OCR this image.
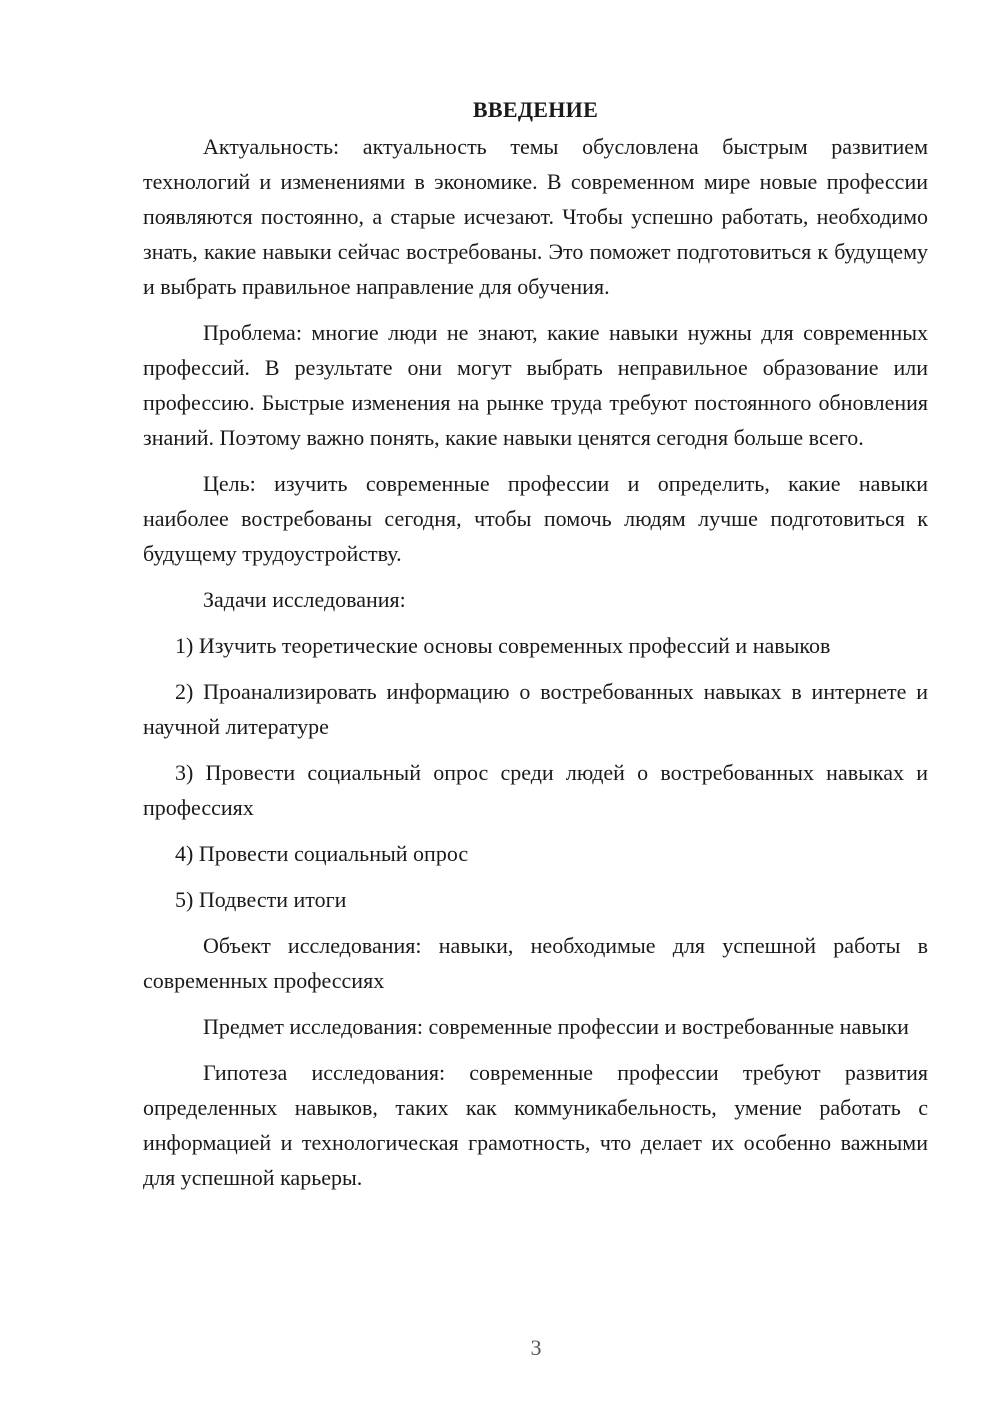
ВВЕДЕНИЕ

Актуальность: актуальность темы обусловлена быстрым развитием технологий и изменениями в экономике. В современном мире новые профессии появляются постоянно, а старые исчезают. Чтобы успешно работать, необходимо знать, какие навыки сейчас востребованы. Это поможет подготовиться к будущему и выбрать правильное направление для обучения.

Проблема: многие люди не знают, какие навыки нужны для современных профессий. В результате они могут выбрать неправильное образование или профессию. Быстрые изменения на рынке труда требуют постоянного обновления знаний. Поэтому важно понять, какие навыки ценятся сегодня больше всего.

Цель: изучить современные профессии и определить, какие навыки наиболее востребованы сегодня, чтобы помочь людям лучше подготовиться к будущему трудоустройству.

Задачи исследования:

1) Изучить теоретические основы современных профессий и навыков

2) Проанализировать информацию о востребованных навыках в интернете и научной литературе

3) Провести социальный опрос среди людей о востребованных навыках и профессиях

4) Провести социальный опрос

5) Подвести итоги

Объект исследования: навыки, необходимые для успешной работы в современных профессиях

Предмет исследования: современные профессии и востребованные навыки

Гипотеза исследования: современные профессии требуют развития определенных навыков, таких как коммуникабельность, умение работать с информацией и технологическая грамотность, что делает их особенно важными для успешной карьеры.

3
